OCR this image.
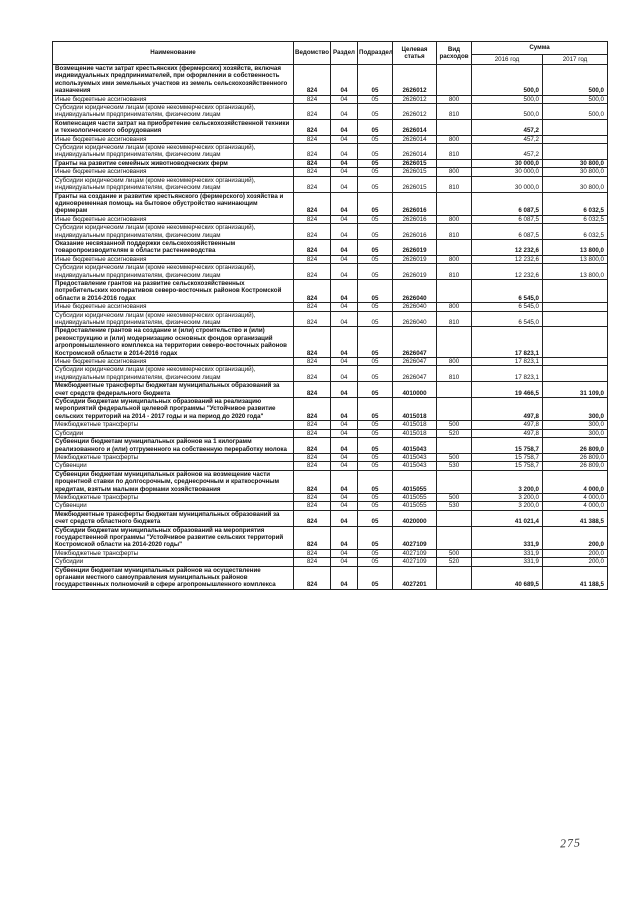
Наименование	Ведомство	Раздел	Подраздел	Целевая статья	Вид расходов	Сумма	
						2016 год	2017 год
Возмещение части затрат крестьянских (фермерских) хозяйств, включая индивидуальных предпринимателей, при оформлении в собственность используемых ими земельных участков из земель сельскохозяйственного назначения	824	04	05	2626012		500,0	500,0
Иные бюджетные ассигнования	824	04	05	2626012	800	500,0	500,0
Субсидии юридическим лицам (кроме некоммерческих организаций), индивидуальным предпринимателям, физическим лицам	824	04	05	2626012	810	500,0	500,0
Компенсация части затрат на приобретение сельскохозяйственной техники и технологического оборудования	824	04	05	2626014		457,2	
Иные бюджетные ассигнования	824	04	05	2626014	800	457,2	
Субсидии юридическим лицам (кроме некоммерческих организаций), индивидуальным предпринимателям, физическим лицам	824	04	05	2626014	810	457,2	
Гранты на развитие семейных животноводческих ферм	824	04	05	2626015		30 000,0	30 800,0
Иные бюджетные ассигнования	824	04	05	2626015	800	30 000,0	30 800,0
Субсидии юридическим лицам (кроме некоммерческих организаций), индивидуальным предпринимателям, физическим лицам	824	04	05	2626015	810	30 000,0	30 800,0
Гранты на создание и развитие крестьянского (фермерского) хозяйства и единовременная помощь на бытовое обустройство начинающим фермерам	824	04	05	2626016		6 087,5	6 032,5
Иные бюджетные ассигнования	824	04	05	2626016	800	6 087,5	6 032,5
Субсидии юридическим лицам (кроме некоммерческих организаций), индивидуальным предпринимателям, физическим лицам	824	04	05	2626016	810	6 087,5	6 032,5
Оказание несвязанной поддержки сельскохозяйственным товаропроизводителям в области растениеводства	824	04	05	2626019		12 232,6	13 800,0
Иные бюджетные ассигнования	824	04	05	2626019	800	12 232,6	13 800,0
Субсидии юридическим лицам (кроме некоммерческих организаций), индивидуальным предпринимателям, физическим лицам	824	04	05	2626019	810	12 232,6	13 800,0
Предоставление грантов на развитие сельскохозяйственных потребительских кооперативов северо-восточных районов Костромской области в 2014-2016 годах	824	04	05	2626040		6 545,0	
Иные бюджетные ассигнования	824	04	05	2626040	800	6 545,0	
Субсидии юридическим лицам (кроме некоммерческих организаций), индивидуальным предпринимателям, физическим лицам	824	04	05	2626040	810	6 545,0	
Предоставление грантов на создание и (или) строительство и (или) реконструкцию и (или) модернизацию основных фондов организаций агропромышленного комплекса на территории северо-восточных районов Костромской области в 2014-2016 годах	824	04	05	2626047		17 823,1	
Иные бюджетные ассигнования	824	04	05	2626047	800	17 823,1	
Субсидии юридическим лицам (кроме некоммерческих организаций), индивидуальным предпринимателям, физическим лицам	824	04	05	2626047	810	17 823,1	
Межбюджетные трансферты бюджетам муниципальных образований за счет средств федерального бюджета	824	04	05	4010000		19 466,5	31 109,0
Субсидии бюджетам муниципальных образований на реализацию мероприятий федеральной целевой программы "Устойчивое развитие сельских территорий на 2014 - 2017 годы и на период до 2020 года"	824	04	05	4015018		497,8	300,0
Межбюджетные трансферты	824	04	05	4015018	500	497,8	300,0
Субсидии	824	04	05	4015018	520	497,8	300,0
Субвенции бюджетам муниципальных районов на 1 килограмм реализованного и (или) отгруженного на собственную переработку молока	824	04	05	4015043		15 758,7	26 809,0
Межбюджетные трансферты	824	04	05	4015043	500	15 758,7	26 809,0
Субвенции	824	04	05	4015043	530	15 758,7	26 809,0
Субвенции бюджетам муниципальных районов на возмещение части процентной ставки по долгосрочным, среднесрочным и краткосрочным кредитам, взятым малыми формами хозяйствования	824	04	05	4015055		3 200,0	4 000,0
Межбюджетные трансферты	824	04	05	4015055	500	3 200,0	4 000,0
Субвенции	824	04	05	4015055	530	3 200,0	4 000,0
Межбюджетные трансферты бюджетам муниципальных образований за счет средств областного бюджета	824	04	05	4020000		41 021,4	41 388,5
Субсидии бюджетам муниципальных образований на мероприятия государственной программы "Устойчивое развитие сельских территорий Костромской области на 2014-2020 годы"	824	04	05	4027109		331,9	200,0
Межбюджетные трансферты	824	04	05	4027109	500	331,9	200,0
Субсидии	824	04	05	4027109	520	331,9	200,0
Субвенции бюджетам муниципальных районов на осуществление органами местного самоуправления муниципальных районов государственных полномочий в сфере агропромышленного комплекса	824	04	05	4027201		40 689,5	41 188,5
275
